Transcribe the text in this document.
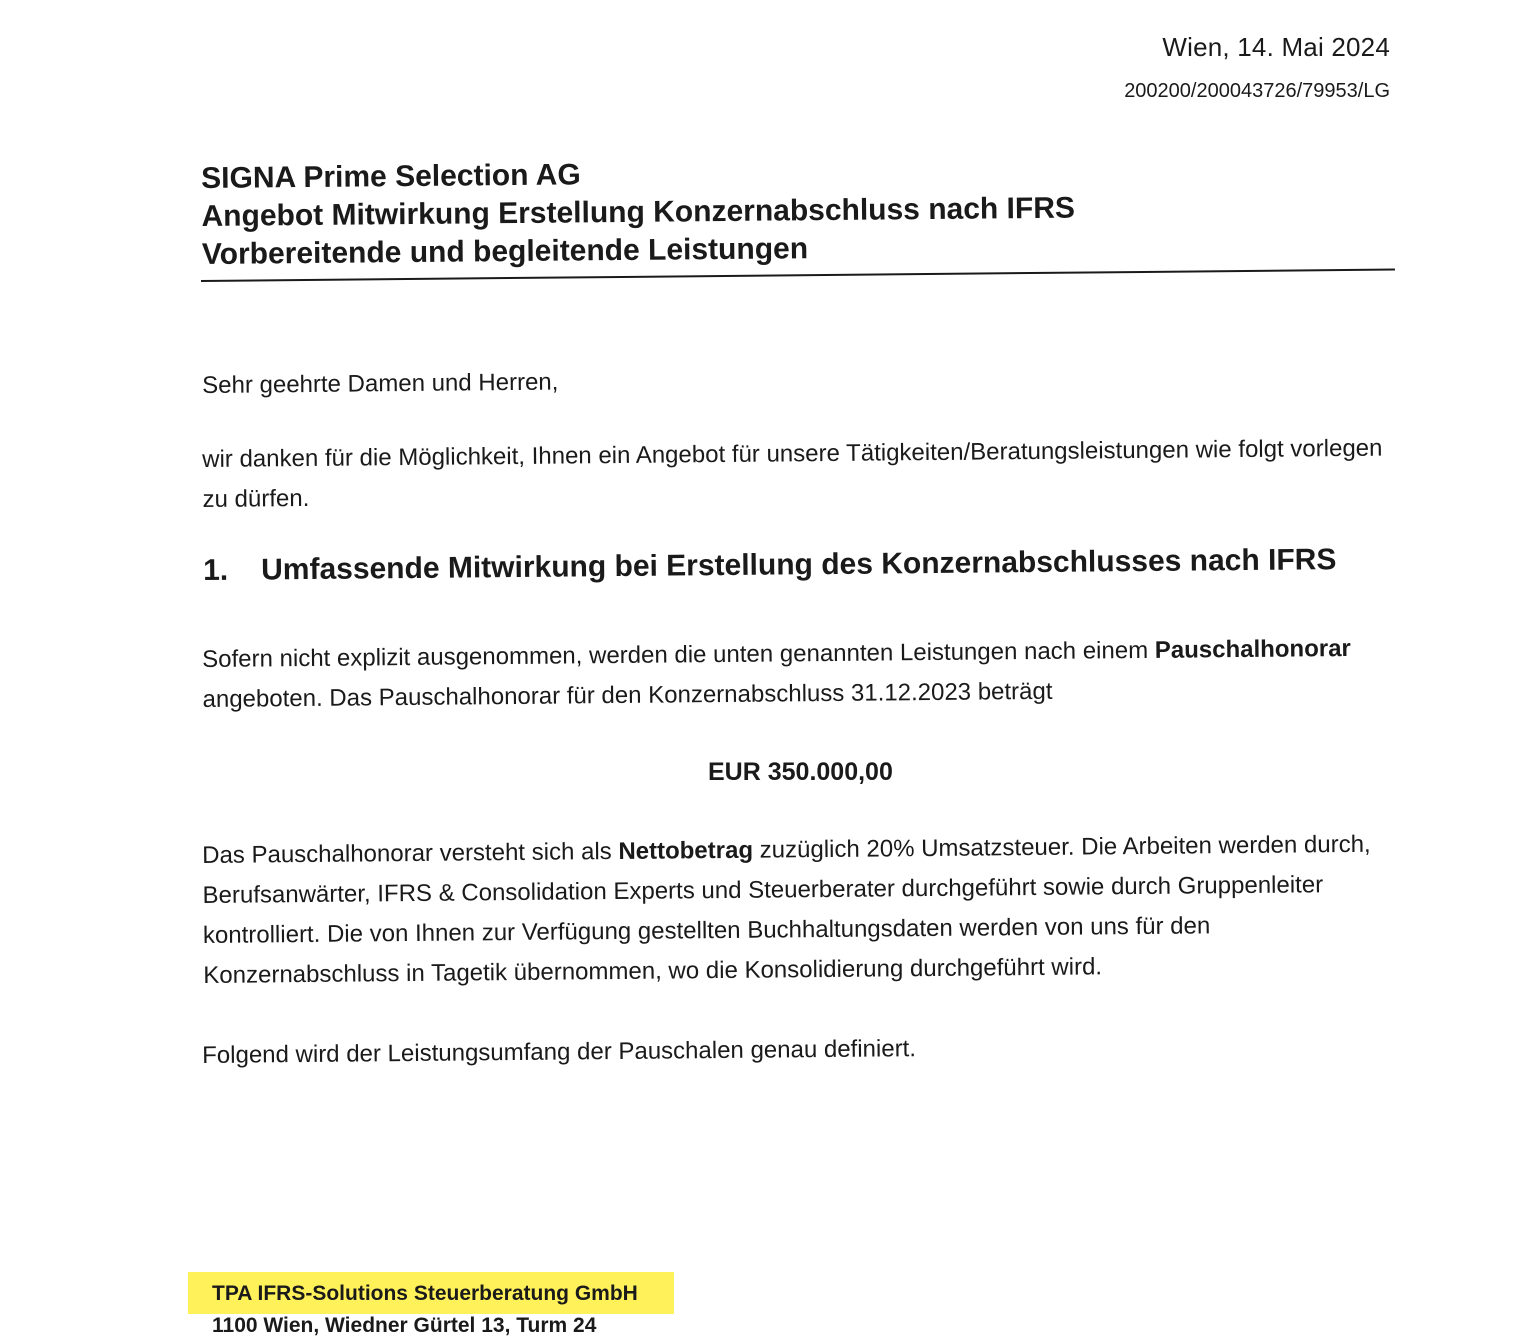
Wien, 14. Mai 2024
200200/200043726/79953/LG
SIGNA Prime Selection AG
Angebot Mitwirkung Erstellung Konzernabschluss nach IFRS
Vorbereitende und begleitende Leistungen
Sehr geehrte Damen und Herren,
wir danken für die Möglichkeit, Ihnen ein Angebot für unsere Tätigkeiten/Beratungsleistungen wie folgt vorlegen zu dürfen.
1. Umfassende Mitwirkung bei Erstellung des Konzernabschlusses nach IFRS
Sofern nicht explizit ausgenommen, werden die unten genannten Leistungen nach einem Pauschalhonorar angeboten. Das Pauschalhonorar für den Konzernabschluss 31.12.2023 beträgt
EUR 350.000,00
Das Pauschalhonorar versteht sich als Nettobetrag zuzüglich 20% Umsatzsteuer. Die Arbeiten werden durch, Berufsanwärter, IFRS & Consolidation Experts und Steuerberater durchgeführt sowie durch Gruppenleiter kontrolliert. Die von Ihnen zur Verfügung gestellten Buchhaltungsdaten werden von uns für den Konzernabschluss in Tagetik übernommen, wo die Konsolidierung durchgeführt wird.
Folgend wird der Leistungsumfang der Pauschalen genau definiert.
TPA IFRS-Solutions Steuerberatung GmbH
1100 Wien, Wiedner Gürtel 13, Turm 24
